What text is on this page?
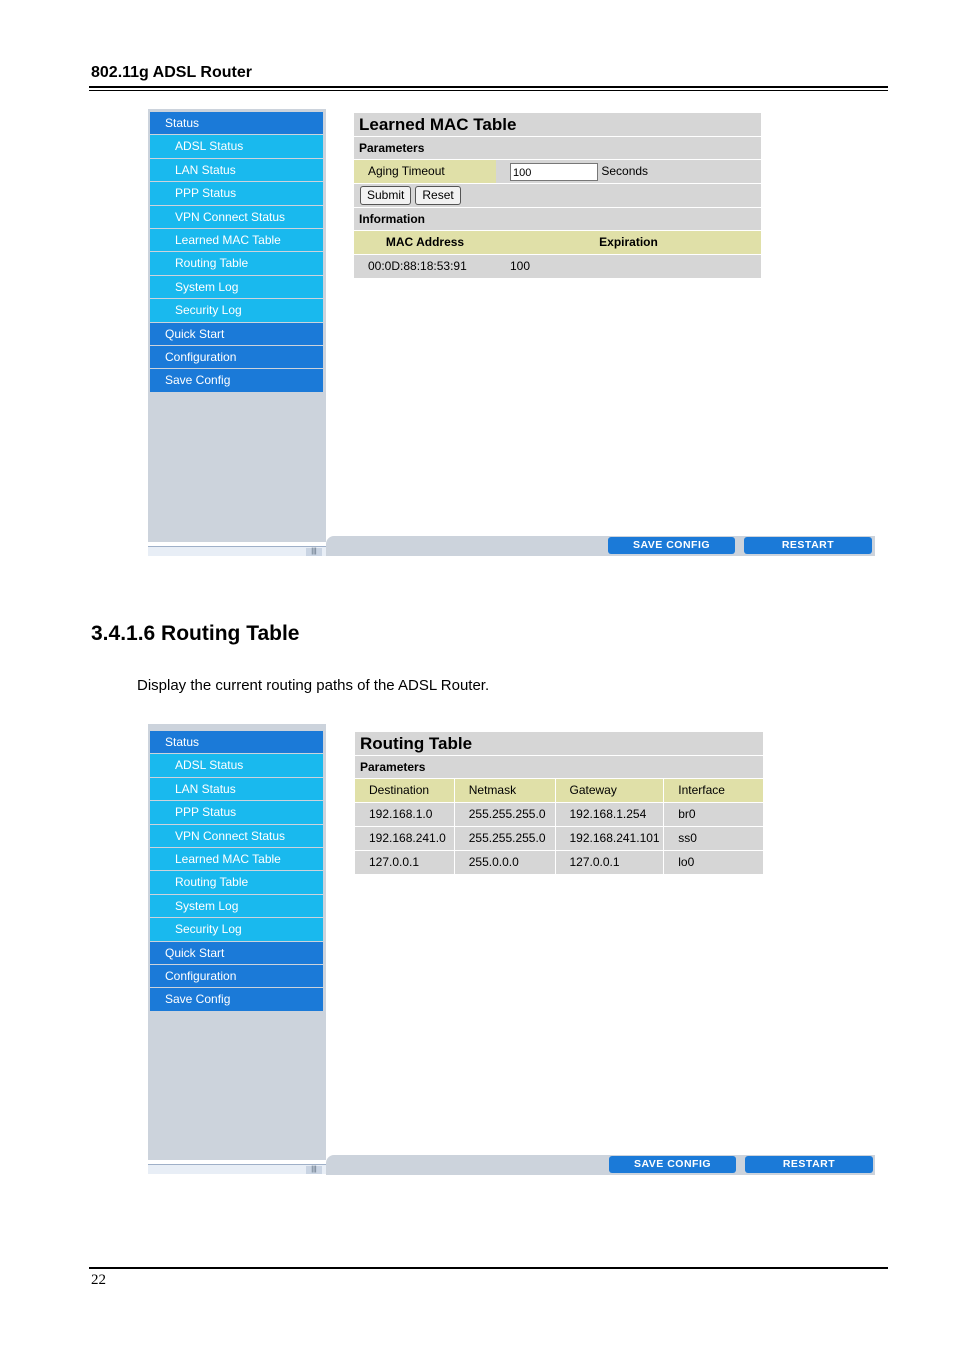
802.11g ADSL Router
Status
ADSL Status
LAN Status
PPP Status
VPN Connect Status
Learned MAC Table
Routing Table
System Log
Security Log
Quick Start
Configuration
Save Config
|||
SAVE CONFIG	RESTART
Learned MAC Table
Parameters
Aging Timeout	100	Seconds
Submit	Reset
Information
MAC Address	Expiration
00:0D:88:18:53:91	100
3.4.1.6 Routing Table
Display the current routing paths of the ADSL Router.
Status
ADSL Status
LAN Status
PPP Status
VPN Connect Status
Learned MAC Table
Routing Table
System Log
Security Log
Quick Start
Configuration
Save Config
|||	SAVE CONFIG	RESTART
Routing Table
Parameters
Destination	Netmask	Gateway	Interface
192.168.1.0	255.255.255.0	192.168.1.254	br0
192.168.241.0	255.255.255.0	192.168.241.101	ss0
127.0.0.1	255.0.0.0	127.0.0.1	lo0
22
